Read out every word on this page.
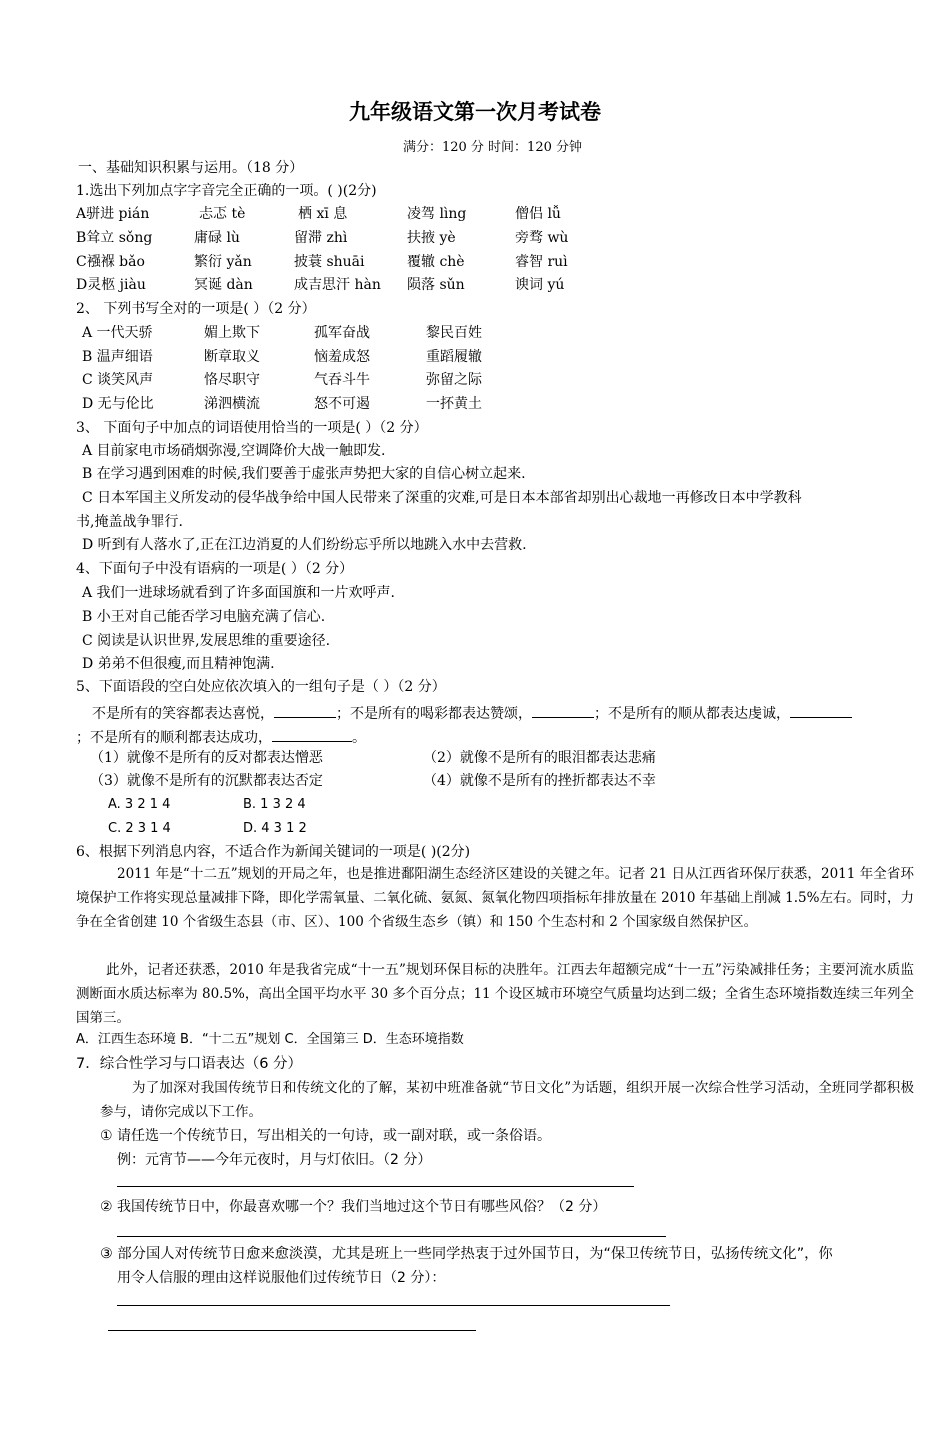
九年级语文第一次月考试卷
满分：120 分 时间：120 分钟
一、基础知识积累与运用。（18 分）
1.选出下列加点字字音完全正确的一项。( )(2分)
A骈进 pián	忐忑 tè	栖 xī 息	凌驾 lìng	僧侣 lǚ
B耸立 sǒng	庸碌 lù	留滞 zhì	扶掖 yè	旁骛 wù
C襁褓 bǎo	繁衍 yǎn	披蓑 shuāi	覆辙 chè	睿智 ruì
D灵柩 jiàu	冥诞 dàn	成吉思汗 hàn 陨落 sǔn	谀词 yú
2、 下列书写全对的一项是( ）（2 分）
A 一代天骄	媚上欺下	孤军奋战	黎民百姓
B 温声细语	断章取义	恼羞成怒	重蹈履辙
C 谈笑风声	恪尽职守	气吞斗牛	弥留之际
D 无与伦比	涕泗横流	怒不可遏	一抔黄土
3、 下面句子中加点的词语使用恰当的一项是( ）（2 分）
A 目前家电市场硝烟弥漫,空调降价大战一触即发.
B 在学习遇到困难的时候,我们要善于虚张声势把大家的自信心树立起来.
C 日本军国主义所发动的侵华战争给中国人民带来了深重的灾难,可是日本本部省却别出心裁地一再修改日本中学教科
书,掩盖战争罪行.
D 听到有人落水了,正在江边消夏的人们纷纷忘乎所以地跳入水中去营救.
4、下面句子中没有语病的一项是( ）（2 分）
A 我们一进球场就看到了许多面国旗和一片欢呼声.
B 小王对自己能否学习电脑充满了信心.
C 阅读是认识世界,发展思维的重要途径.
D 弟弟不但很瘦,而且精神饱满.
5、下面语段的空白处应依次填入的一组句子是（ ）（2 分）
不是所有的笑容都表达喜悦，	；不是所有的喝彩都表达赞颂，	；不是所有的顺从都表达虔诚，
；不是所有的顺利都表达成功，	。
（1）就像不是所有的反对都表达憎恶	（2）就像不是所有的眼泪都表达悲痛
（3）就像不是所有的沉默都表达否定	（4）就像不是所有的挫折都表达不幸
A. 3 2 1 4	B. 1 3 2 4
C. 2 3 1 4	D. 4 3 1 2
6、根据下列消息内容，不适合作为新闻关键词的一项是( )(2分)
2011 年是“十二五”规划的开局之年，也是推进鄱阳湖生态经济区建设的关键之年。记者 21 日从江西省环保厅获悉，2011 年全省环境保护工作将实现总量减排下降，即化学需氧量、二氧化硫、氨氮、氮氧化物四项指标年排放量在 2010 年基础上削减 1.5%左右。同时，力争在全省创建 10 个省级生态县（市、区）、100 个省级生态乡（镇）和 150 个生态村和 2 个国家级自然保护区。
此外，记者还获悉，2010 年是我省完成“十一五”规划环保目标的决胜年。江西去年超额完成“十一五”污染减排任务；主要河流水质监测断面水质达标率为 80.5%，高出全国平均水平 30 多个百分点；11 个设区城市环境空气质量均达到二级；全省生态环境指数连续三年列全国第三。
A．江西生态环境 B．“十二五”规划 C．全国第三 D．生态环境指数
7．综合性学习与口语表达（6 分）
为了加深对我国传统节日和传统文化的了解，某初中班准备就“节日文化”为话题，组织开展一次综合性学习活动，全班同学都积极参与，请你完成以下工作。
① 请任选一个传统节日，写出相关的一句诗，或一副对联，或一条俗语。
例：元宵节——今年元夜时，月与灯依旧。（2 分）
② 我国传统节日中，你最喜欢哪一个？我们当地过这个节日有哪些风俗？（2 分）
③ 部分国人对传统节日愈来愈淡漠，尤其是班上一些同学热衷于过外国节日，为“保卫传统节日，弘扬传统文化”，你
用令人信服的理由这样说服他们过传统节日（2 分）：
